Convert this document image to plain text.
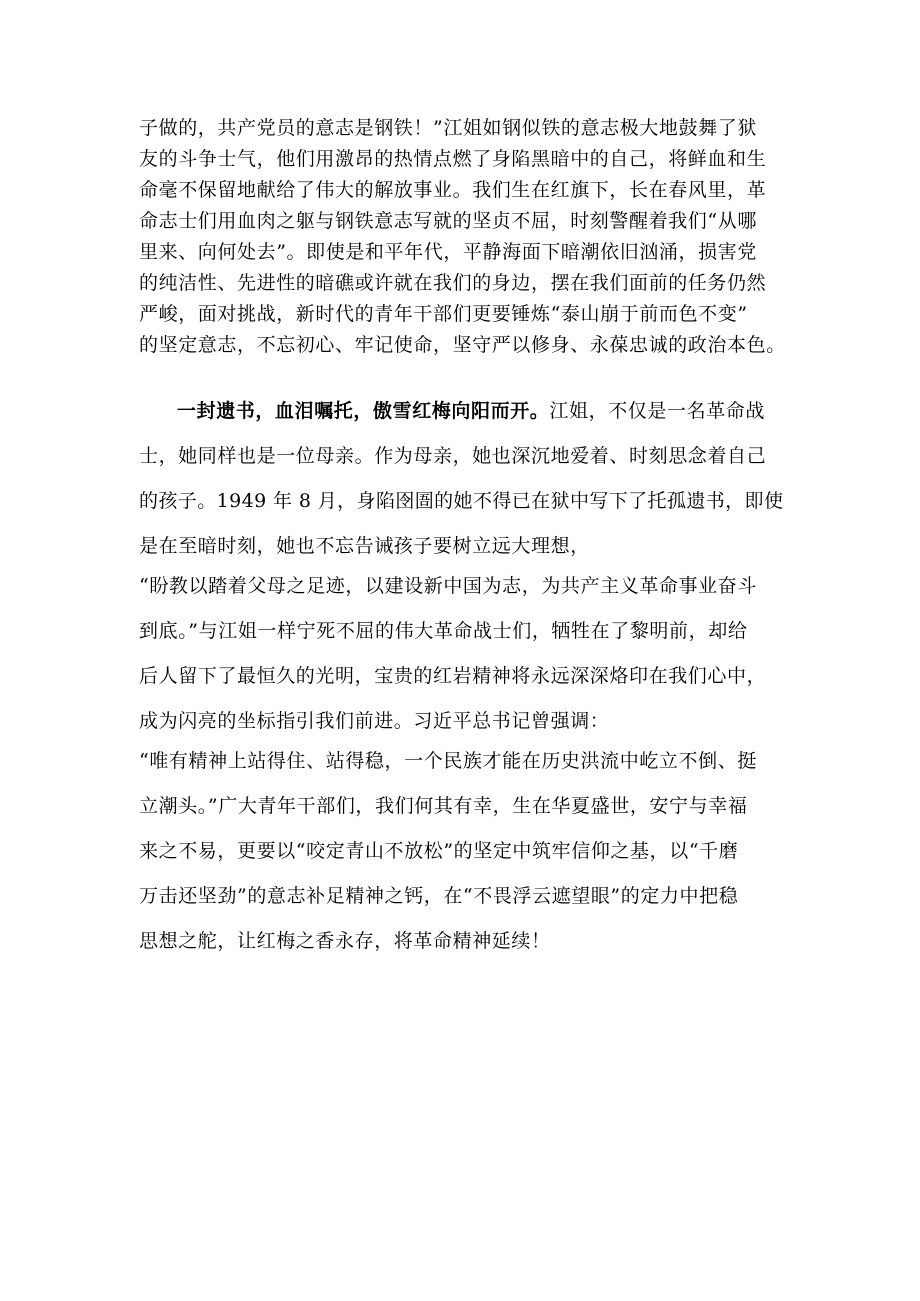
子做的，共产党员的意志是钢铁！”江姐如钢似铁的意志极大地鼓舞了狱
友的斗争士气，他们用激昂的热情点燃了身陷黑暗中的自己，将鲜血和生
命毫不保留地献给了伟大的解放事业。我们生在红旗下，长在春风里，革
命志士们用血肉之躯与钢铁意志写就的坚贞不屈，时刻警醒着我们“从哪
里来、向何处去”。即使是和平年代，平静海面下暗潮依旧汹涌，损害党
的纯洁性、先进性的暗礁或许就在我们的身边，摆在我们面前的任务仍然
严峻，面对挑战，新时代的青年干部们更要锤炼“泰山崩于前而色不变”
的坚定意志，不忘初心、牢记使命，坚守严以修身、永葆忠诚的政治本色。
一封遗书，血泪嘱托，傲雪红梅向阳而开。江姐，不仅是一名革命战
士，她同样也是一位母亲。作为母亲，她也深沉地爱着、时刻思念着自己
的孩子。1949 年 8 月，身陷囹圄的她不得已在狱中写下了托孤遗书，即使
是在至暗时刻，她也不忘告诫孩子要树立远大理想，
“盼教以踏着父母之足迹，以建设新中国为志，为共产主义革命事业奋斗
到底。”与江姐一样宁死不屈的伟大革命战士们，牺牲在了黎明前，却给
后人留下了最恒久的光明，宝贵的红岩精神将永远深深烙印在我们心中，
成为闪亮的坐标指引我们前进。习近平总书记曾强调：
“唯有精神上站得住、站得稳，一个民族才能在历史洪流中屹立不倒、挺
立潮头。”广大青年干部们，我们何其有幸，生在华夏盛世，安宁与幸福
来之不易，更要以“咬定青山不放松”的坚定中筑牢信仰之基，以“千磨
万击还坚劲”的意志补足精神之钙，在“不畏浮云遮望眼”的定力中把稳
思想之舵，让红梅之香永存，将革命精神延续！
